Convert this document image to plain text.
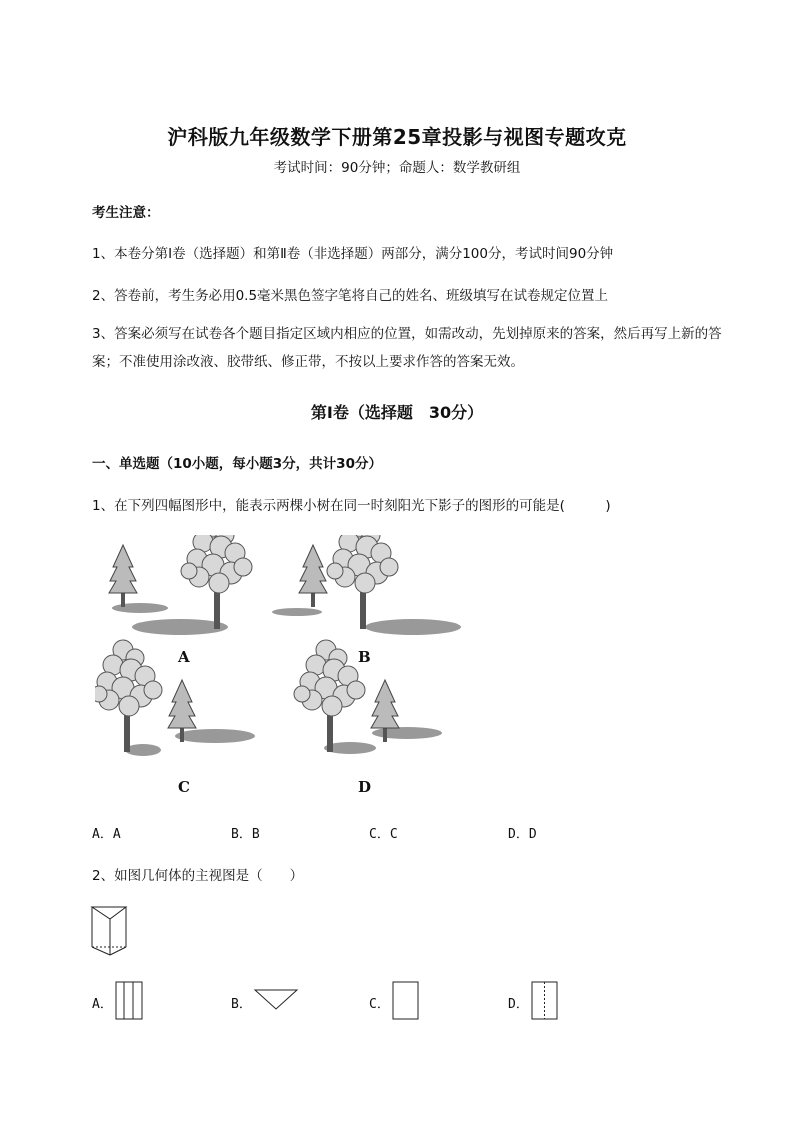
沪科版九年级数学下册第25章投影与视图专题攻克
考试时间：90分钟；命题人：数学教研组
考生注意：
1、本卷分第I卷（选择题）和第Ⅱ卷（非选择题）两部分，满分100分，考试时间90分钟
2、答卷前，考生务必用0.5毫米黑色签字笔将自己的姓名、班级填写在试卷规定位置上
3、答案必须写在试卷各个题目指定区域内相应的位置，如需改动，先划掉原来的答案，然后再写上新的答案；不准使用涂改液、胶带纸、修正带，不按以上要求作答的答案无效。
第I卷（选择题　30分）
一、单选题（10小题，每小题3分，共计30分）
1、在下列四幅图形中，能表示两棵小树在同一时刻阳光下影子的图形的可能是(　　　)
A	B
C	D
A．A	B．B	C．C	D．D
2、如图几何体的主视图是（　　）
A．	B．	C．	D．
